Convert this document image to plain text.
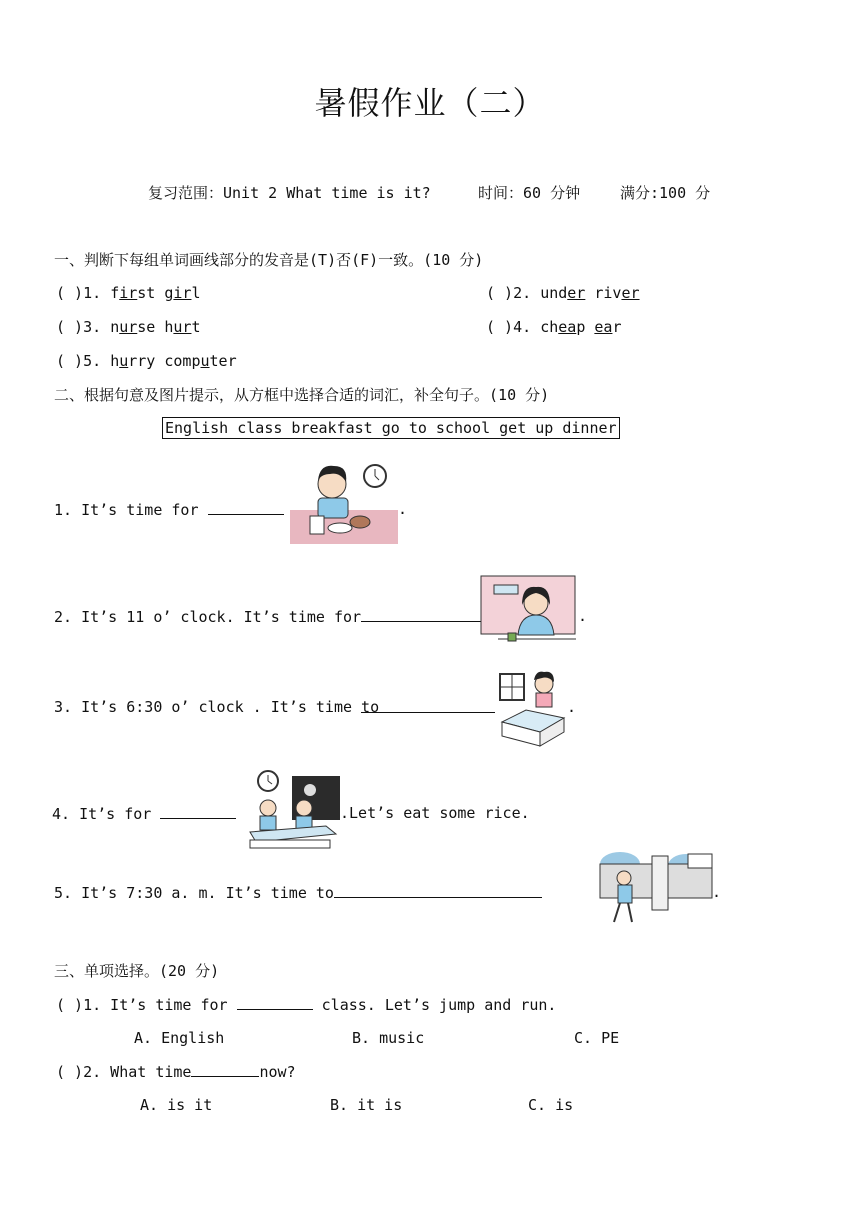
暑假作业（二）
复习范围：Unit 2 What time is it?	时间：60 分钟	满分:100 分
一、判断下每组单词画线部分的发音是(T)否(F)一致。(10 分)
( )1. first girl	( )2. under river
( )3. nurse hurt	( )4. cheap ear
( )5. hurry computer
二、根据句意及图片提示，从方框中选择合适的词汇，补全句子。(10 分)
English class breakfast go to school get up dinner
1. It’s time for	.
2. It’s 11 o’ clock. It’s time for	.
3. It’s 6:30 o’ clock . It’s time to	.
4. It’s for	.Let’s eat some rice.
5. It’s 7:30 a. m. It’s time to	.
三、单项选择。(20 分)
( )1. It’s time for	class. Let’s jump and run.
A. English	B. music	C. PE
( )2. What time	now?
A. is it	B. it is	C. is
